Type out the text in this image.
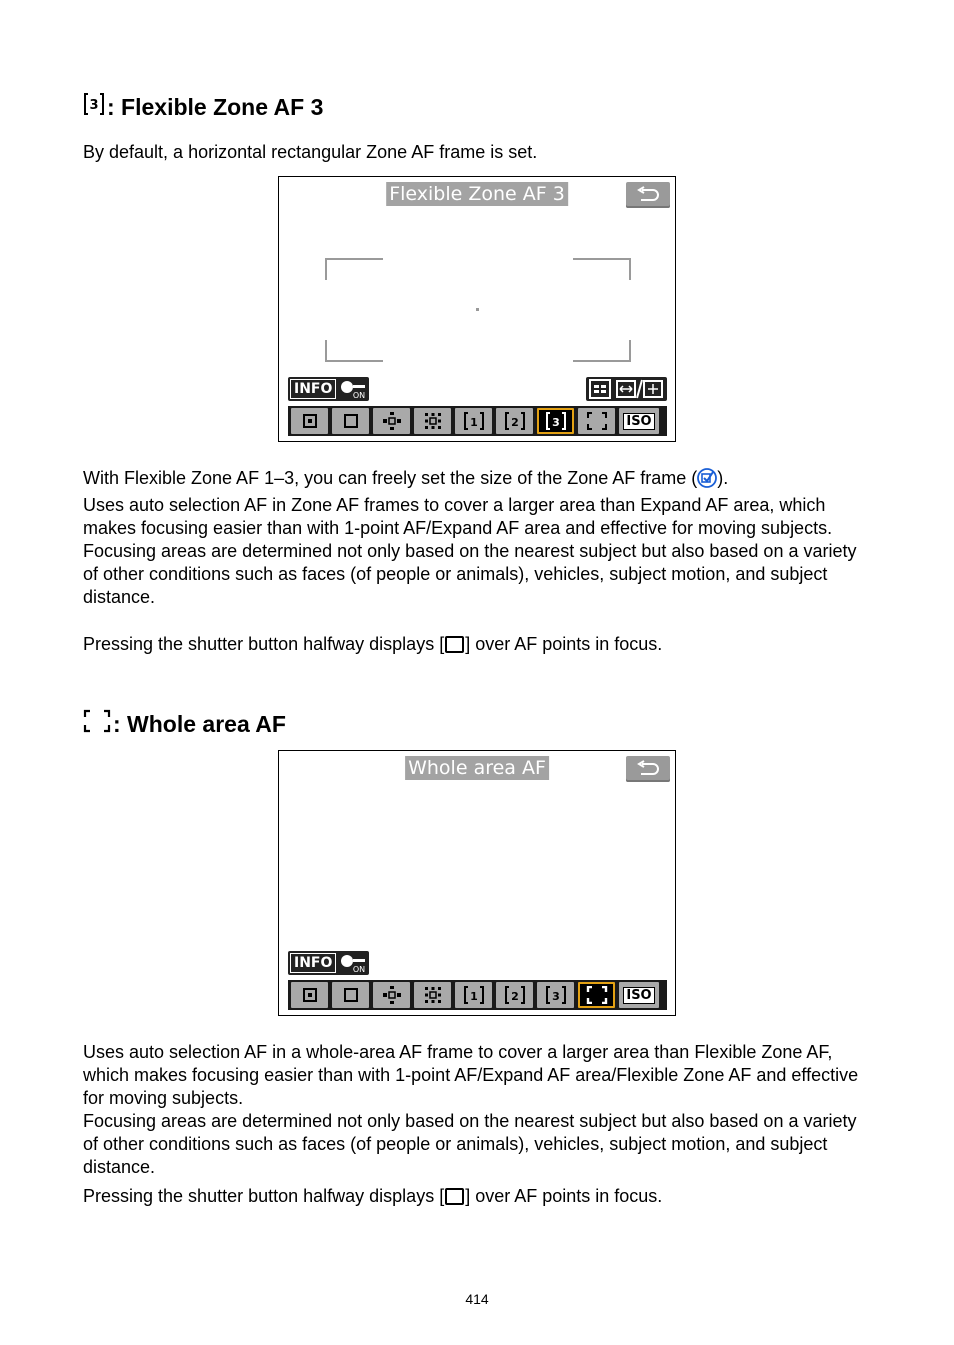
3 : Flexible Zone AF 3

By default, a horizontal rectangular Zone AF frame is set.

Flexible Zone AF 3
INFO	ON
1	2	3	ISO
With Flexible Zone AF 1–3, you can freely set the size of the Zone AF frame ( ).
Uses auto selection AF in Zone AF frames to cover a larger area than Expand AF area, which makes focusing easier than with 1-point AF/Expand AF area and effective for moving subjects.
Focusing areas are determined not only based on the nearest subject but also based on a variety of other conditions such as faces (of people or animals), vehicles, subject motion, and subject distance.

Pressing the shutter button halfway displays [ ] over AF points in focus.

: Whole area AF
Whole area AF
INFO	ON
1	2	3	ISO
Uses auto selection AF in a whole-area AF frame to cover a larger area than Flexible Zone AF, which makes focusing easier than with 1-point AF/Expand AF area/Flexible Zone AF and effective for moving subjects.
Focusing areas are determined not only based on the nearest subject but also based on a variety of other conditions such as faces (of people or animals), vehicles, subject motion, and subject distance.

Pressing the shutter button halfway displays [ ] over AF points in focus.

414
